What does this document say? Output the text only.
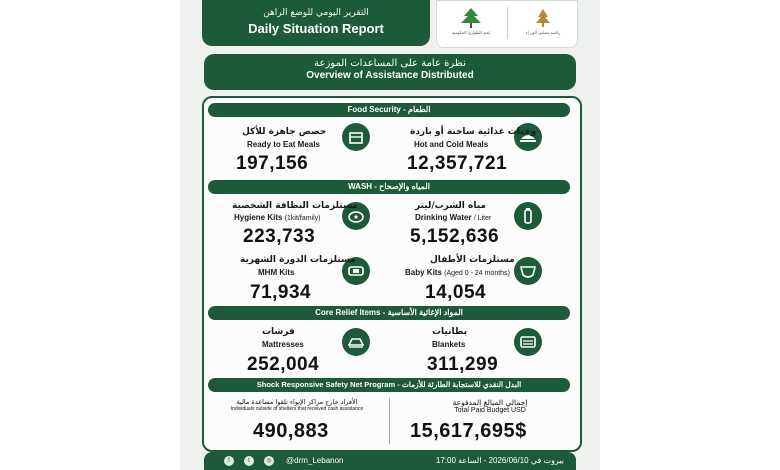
التقرير اليومي للوضع الراهن
Daily Situation Report	لجنة الطوارئ الحكومية	رئاسة مجلس الوزراء
نظرة عامة على المساعدات الموزعة
Overview of Assistance Distributed
Food Security - الطعام
وجبات غذائية ساخنة أو باردة
Hot and Cold Meals
12,357,721
حصص جاهزة للأكل
Ready to Eat Meals
197,156
WASH - المياه والإصحاح
مياه الشرب/ليتر
Drinking Water / Liter
5,152,636
مستلزمات النظافة الشخصية
Hygiene Kits (1kit/family)
223,733
مستلزمات الأطفال
Baby Kits (Aged 0 - 24 months)
14,054
مستلزمات الدورة الشهرية
MHM Kits
71,934
Core Relief Items - المواد الإغاثية الأساسية
بطانيات
Blankets
311,299
فرشات
Mattresses
252,004
Shock Responsive Safety Net Program - البدل النقدي للاستجابة الطارئة للأزمات
إجمالي المبالغ المدفوعة
Total Paid Budget USD
15,617,695$
الأفراد خارج مراكز الإيواء تلقوا مساعدة مالية
Individuals outside of shelters that received cash assistance
490,883
f	t	◎ @drm_Lebanon	بيروت في 2026/06/10 - الساعة 17:00
